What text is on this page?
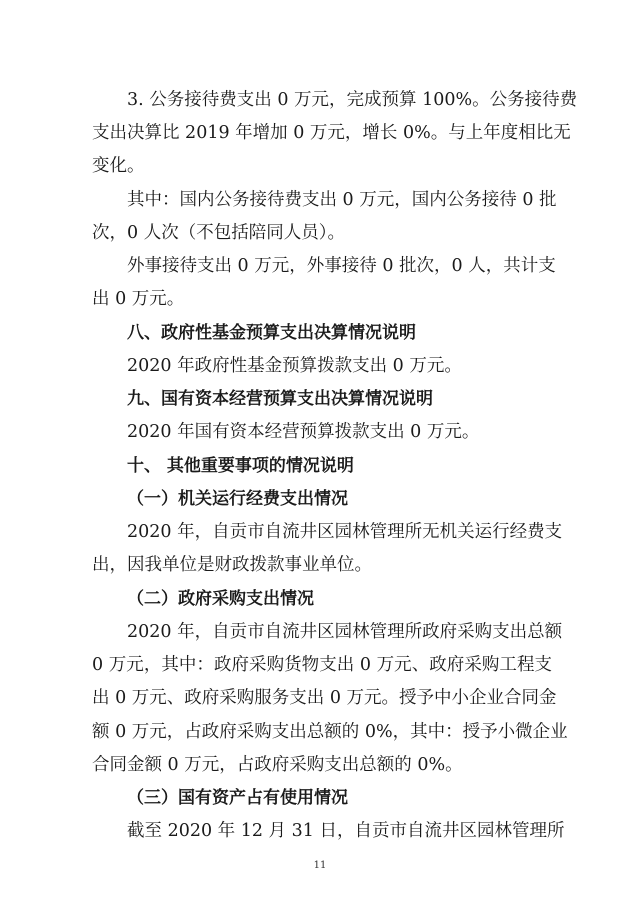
3. 公务接待费支出 0 万元，完成预算 100%。公务接待费
支出决算比 2019 年增加 0 万元，增长 0%。与上年度相比无
变化。
其中：国内公务接待费支出 0 万元，国内公务接待 0 批
次，0 人次（不包括陪同人员）。
外事接待支出 0 万元，外事接待 0 批次，0 人，共计支
出 0 万元。
八、政府性基金预算支出决算情况说明
2020 年政府性基金预算拨款支出 0 万元。
九、国有资本经营预算支出决算情况说明
2020 年国有资本经营预算拨款支出 0 万元。
十、 其他重要事项的情况说明
（一）机关运行经费支出情况
2020 年，自贡市自流井区园林管理所无机关运行经费支
出，因我单位是财政拨款事业单位。
（二）政府采购支出情况
2020 年，自贡市自流井区园林管理所政府采购支出总额
0 万元，其中：政府采购货物支出 0 万元、政府采购工程支
出 0 万元、政府采购服务支出 0 万元。授予中小企业合同金
额 0 万元，占政府采购支出总额的 0%，其中：授予小微企业
合同金额 0 万元，占政府采购支出总额的 0%。
（三）国有资产占有使用情况
截至 2020 年 12 月 31 日，自贡市自流井区园林管理所
11
